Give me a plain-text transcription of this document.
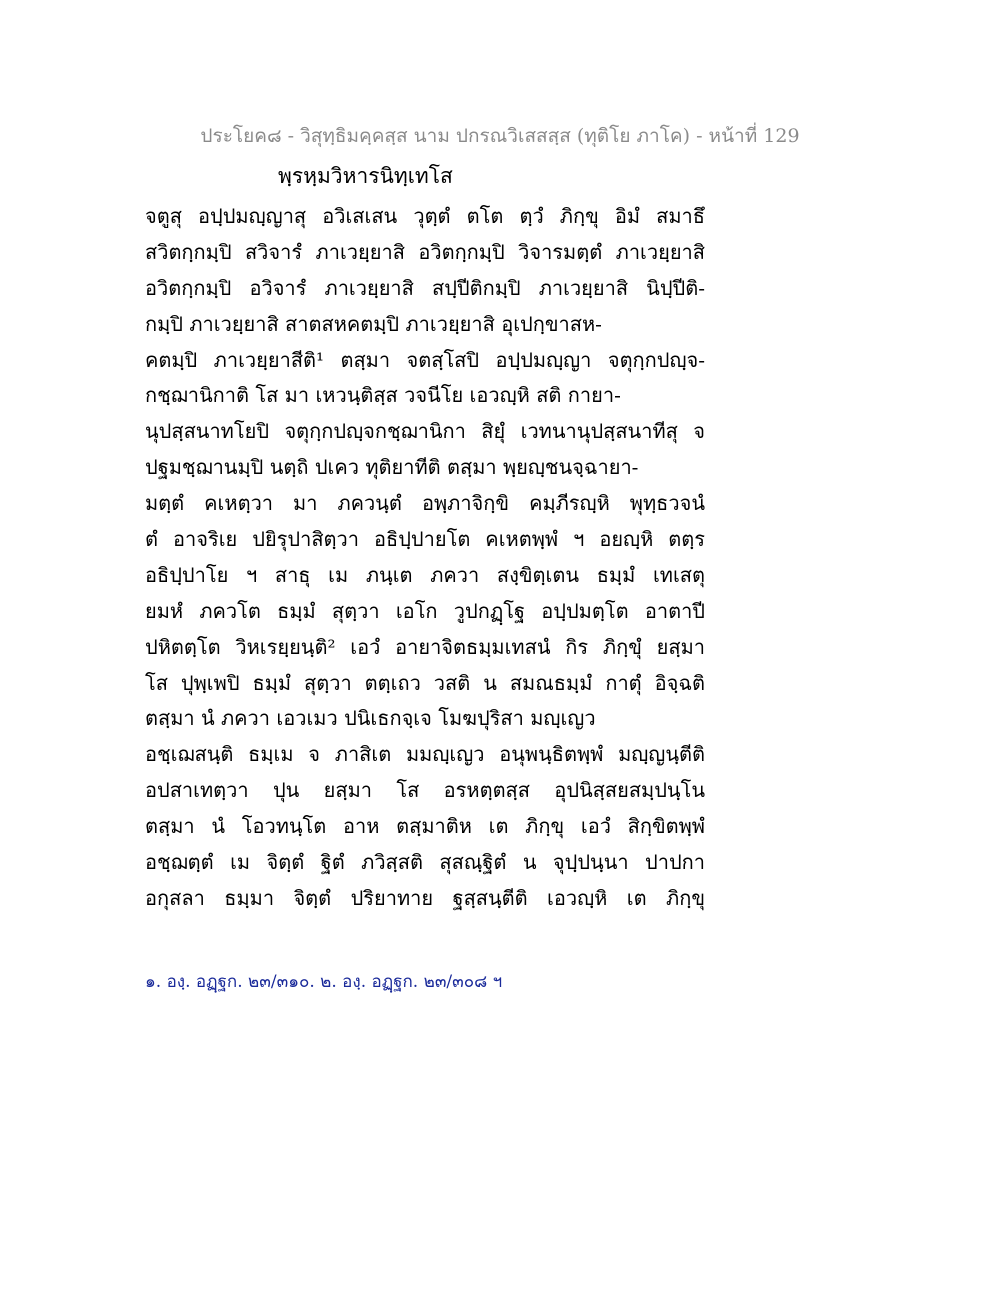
ประโยค๘ - วิสุทฺธิมคฺคสฺส นาม ปกรณวิเสสสฺส (ทุติโย ภาโค) - หน้าที่ 129
พฺรหฺมวิหารนิทฺเทโส
จตูสุ อปฺปมญฺญาสุ อวิเสเสน วุตฺตํ ตโต ตฺวํ ภิกฺขุ อิมํ สมาธึ
สวิตกฺกมฺปิ สวิจารํ ภาเวยฺยาสิ อวิตกฺกมฺปิ วิจารมตฺตํ ภาเวยฺยาสิ
อวิตกฺกมฺปิ อวิจารํ ภาเวยฺยาสิ สปฺปีติกมฺปิ ภาเวยฺยาสิ นิปฺปีติ-
กมฺปิ ภาเวยฺยาสิ สาตสหคตมฺปิ ภาเวยฺยาสิ อุเปกฺขาสห-
คตมฺปิ ภาเวยฺยาสีติ¹ ตสฺมา จตสฺโสปิ อปฺปมญฺญา จตุกฺกปญฺจ-
กชฺฌานิกาติ โส มา เหวนฺติสฺส วจนีโย เอวญฺหิ สติ กายา-
นุปสฺสนาทโยปิ จตุกฺกปญฺจกชฺฌานิกา สิยุํ เวทนานุปสฺสนาทีสุ จ
ปฐมชฺฌานมฺปิ นตฺถิ ปเคว ทุติยาทีติ ตสฺมา พฺยญฺชนจฺฉายา-
มตฺตํ คเหตฺวา มา ภควนฺตํ อพฺภาจิกฺขิ คมฺภีรญฺหิ พุทฺธวจนํ
ตํ อาจริเย ปยิรุปาสิตฺวา อธิปฺปายโต คเหตพฺพํ ฯ อยญฺหิ ตตฺร
อธิปฺปาโย ฯ สาธุ เม ภนฺเต ภควา สงฺขิตฺเตน ธมฺมํ เทเสตุ
ยมหํ ภควโต ธมฺมํ สุตฺวา เอโก วูปกฏฺโฐ อปฺปมตฺโต อาตาปี
ปหิตตฺโต วิหเรยฺยนฺติ² เอวํ อายาจิตธมฺมเทสนํ กิร ภิกฺขุํ ยสฺมา
โส ปุพฺเพปิ ธมฺมํ สุตฺวา ตตฺเถว วสติ น สมณธมฺมํ กาตุํ อิจฺฉติ
ตสฺมา นํ ภควา เอวเมว ปนิเธกจฺเจ โมฆปุริสา มญฺเญว
อชฺเฌสนฺติ ธมฺเม จ ภาสิเต มมญฺเญว อนุพนฺธิตพฺพํ มญฺญนฺตีติ
อปสาเทตฺวา ปุน ยสฺมา โส อรหตฺตสฺส อุปนิสฺสยสมฺปนฺโน
ตสฺมา นํ โอวทนฺโต อาห ตสฺมาติห เต ภิกฺขุ เอวํ สิกฺขิตพฺพํ
อชฺฌตฺตํ เม จิตฺตํ ฐิตํ ภวิสฺสติ สุสณฺฐิตํ น จุปฺปนฺนา ปาปกา
อกุสลา ธมฺมา จิตฺตํ ปริยาทาย ฐสฺสนฺตีติ เอวญฺหิ เต ภิกฺขุ
๑. องฺ. อฏฺฐก. ๒๓/๓๑๐. ๒. องฺ. อฏฺฐก. ๒๓/๓๐๘ ฯ
